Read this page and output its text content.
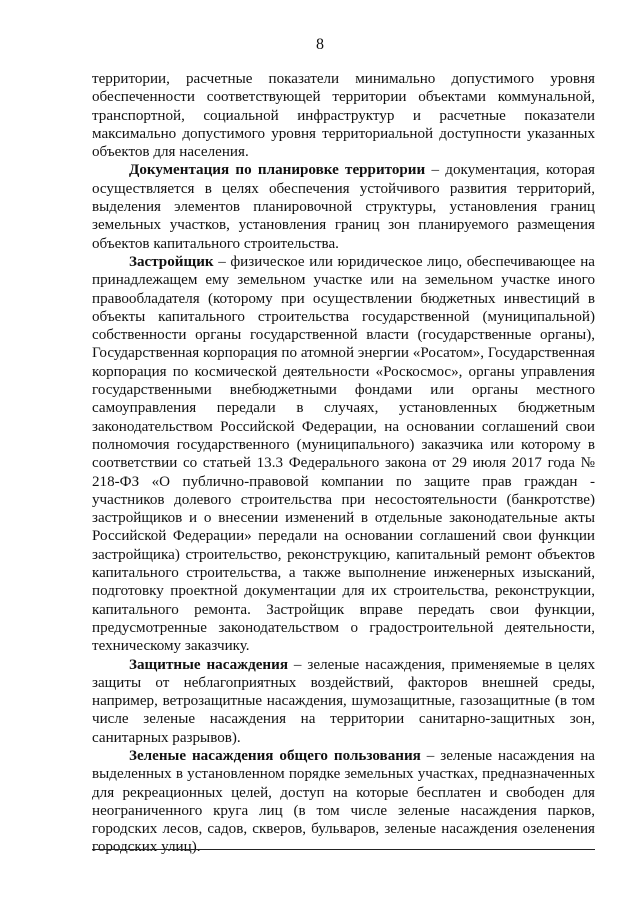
8

территории, расчетные показатели минимально допустимого уровня обеспеченности соответствующей территории объектами коммунальной, транспортной, социальной инфраструктур и расчетные показатели максимально допустимого уровня территориальной доступности указанных объектов для населения.

Документация по планировке территории – документация, которая осуществляется в целях обеспечения устойчивого развития территорий, выделения элементов планировочной структуры, установления границ земельных участков, установления границ зон планируемого размещения объектов капитального строительства.

Застройщик – физическое или юридическое лицо, обеспечивающее на принадлежащем ему земельном участке или на земельном участке иного правообладателя (которому при осуществлении бюджетных инвестиций в объекты капитального строительства государственной (муниципальной) собственности органы государственной власти (государственные органы), Государственная корпорация по атомной энергии «Росатом», Государственная корпорация по космической деятельности «Роскосмос», органы управления государственными внебюджетными фондами или органы местного самоуправления передали в случаях, установленных бюджетным законодательством Российской Федерации, на основании соглашений свои полномочия государственного (муниципального) заказчика или которому в соответствии со статьей 13.3 Федерального закона от 29 июля 2017 года № 218-ФЗ «О публично-правовой компании по защите прав граждан - участников долевого строительства при несостоятельности (банкротстве) застройщиков и о внесении изменений в отдельные законодательные акты Российской Федерации» передали на основании соглашений свои функции застройщика) строительство, реконструкцию, капитальный ремонт объектов капитального строительства, а также выполнение инженерных изысканий, подготовку проектной документации для их строительства, реконструкции, капитального ремонта. Застройщик вправе передать свои функции, предусмотренные законодательством о градостроительной деятельности, техническому заказчику.

Защитные насаждения – зеленые насаждения, применяемые в целях защиты от неблагоприятных воздействий, факторов внешней среды, например, ветрозащитные насаждения, шумозащитные, газозащитные (в том числе зеленые насаждения на территории санитарно-защитных зон, санитарных разрывов).

Зеленые насаждения общего пользования – зеленые насаждения на выделенных в установленном порядке земельных участках, предназначенных для рекреационных целей, доступ на которые бесплатен и свободен для неограниченного круга лиц (в том числе зеленые насаждения парков, городских лесов, садов, скверов, бульваров, зеленые насаждения озеленения городских улиц).
